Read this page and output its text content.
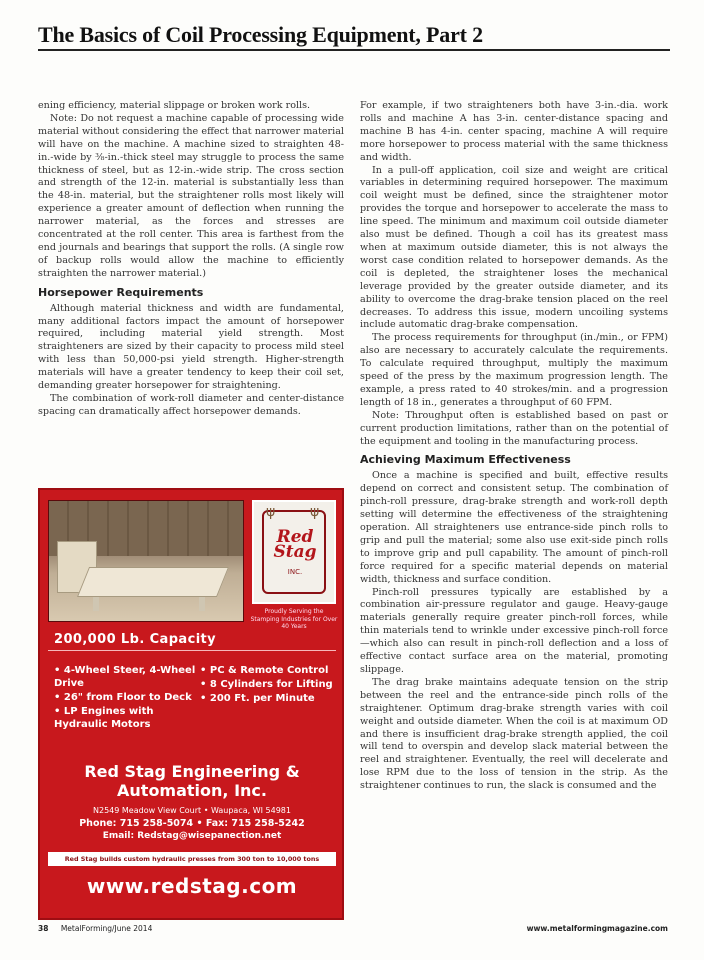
The Basics of Coil Processing Equipment, Part 2

ening efficiency, material slippage or broken work rolls.

Note: Do not request a machine capable of processing wide material without considering the effect that narrower material will have on the machine. A machine sized to straighten 48-in.-wide by ⅜-in.-thick steel may struggle to process the same thickness of steel, but as 12-in.-wide strip. The cross section and strength of the 12-in. material is substantially less than the 48-in. material, but the straightener rolls most likely will experience a greater amount of deflection when running the narrower material, as the forces and stresses are concentrated at the roll center. This area is farthest from the end journals and bearings that support the rolls. (A single row of backup rolls would allow the machine to efficiently straighten the narrower material.)

Horsepower Requirements

Although material thickness and width are fundamental, many additional factors impact the amount of horsepower required, including material yield strength. Most straighteners are sized by their capacity to process mild steel with less than 50,000-psi yield strength. Higher-strength materials will have a greater tendency to keep their coil set, demanding greater horsepower for straightening.

The combination of work-roll diameter and center-distance spacing can dramatically affect horsepower demands.

For example, if two straighteners both have 3-in.-dia. work rolls and machine A has 3-in. center-distance spacing and machine B has 4-in. center spacing, machine A will require more horsepower to process material with the same thickness and width.

In a pull-off application, coil size and weight are critical variables in determining required horsepower. The maximum coil weight must be defined, since the straightener motor provides the torque and horsepower to accelerate the mass to line speed. The minimum and maximum coil outside diameter also must be defined. Though a coil has its greatest mass when at maximum outside diameter, this is not always the worst case condition related to horsepower demands. As the coil is depleted, the straightener loses the mechanical leverage provided by the greater outside diameter, and its ability to overcome the drag-brake tension placed on the reel decreases. To address this issue, modern uncoiling systems include automatic drag-brake compensation.

The process requirements for throughput (in./min., or FPM) also are necessary to accurately calculate the requirements. To calculate required throughput, multiply the maximum speed of the press by the maximum progression length. The example, a press rated to 40 strokes/min. and a progression length of 18 in., generates a throughput of 60 FPM.

Note: Throughput often is established based on past or current production limitations, rather than on the potential of the equipment and tooling in the manufacturing process.

Achieving Maximum Effectiveness

Once a machine is specified and built, effective results depend on correct and consistent setup. The combination of pinch-roll pressure, drag-brake strength and work-roll depth setting will determine the effectiveness of the straightening operation. All straighteners use entrance-side pinch rolls to grip and pull the material; some also use exit-side pinch rolls to improve grip and pull capability. The amount of pinch-roll force required for a specific material depends on material width, thickness and surface condition.

Pinch-roll pressures typically are established by a combination air-pressure regulator and gauge. Heavy-gauge materials generally require greater pinch-roll forces, while thin materials tend to wrinkle under excessive pinch-roll force—which also can result in pinch-roll deflection and a loss of effective contact surface area on the material, promoting slippage.

The drag brake maintains adequate tension on the strip between the reel and the entrance-side pinch rolls of the straightener. Optimum drag-brake strength varies with coil weight and outside diameter. When the coil is at maximum OD and there is insufficient drag-brake strength applied, the coil will tend to overspin and develop slack material between the reel and straightener. Eventually, the reel will decelerate and lose RPM due to the loss of tension in the strip. As the straightener continues to run, the slack is consumed and the

ψ ψ
Red Stag
INC.
Proudly Serving the Stamping Industries for Over 40 Years
200,000 Lb. Capacity
• 4-Wheel Steer, 4-Wheel Drive
• 26" from Floor to Deck
• LP Engines with Hydraulic Motors
• PC & Remote Control
• 8 Cylinders for Lifting
• 200 Ft. per Minute
Red Stag Engineering & Automation, Inc.
N2549 Meadow View Court • Waupaca, WI 54981
Phone: 715 258-5074 • Fax: 715 258-5242
Email: Redstag@wisepanection.net
Red Stag builds custom hydraulic presses from 300 ton to 10,000 tons
www.redstag.com
38 MetalForming/June 2014	www.metalformingmagazine.com
